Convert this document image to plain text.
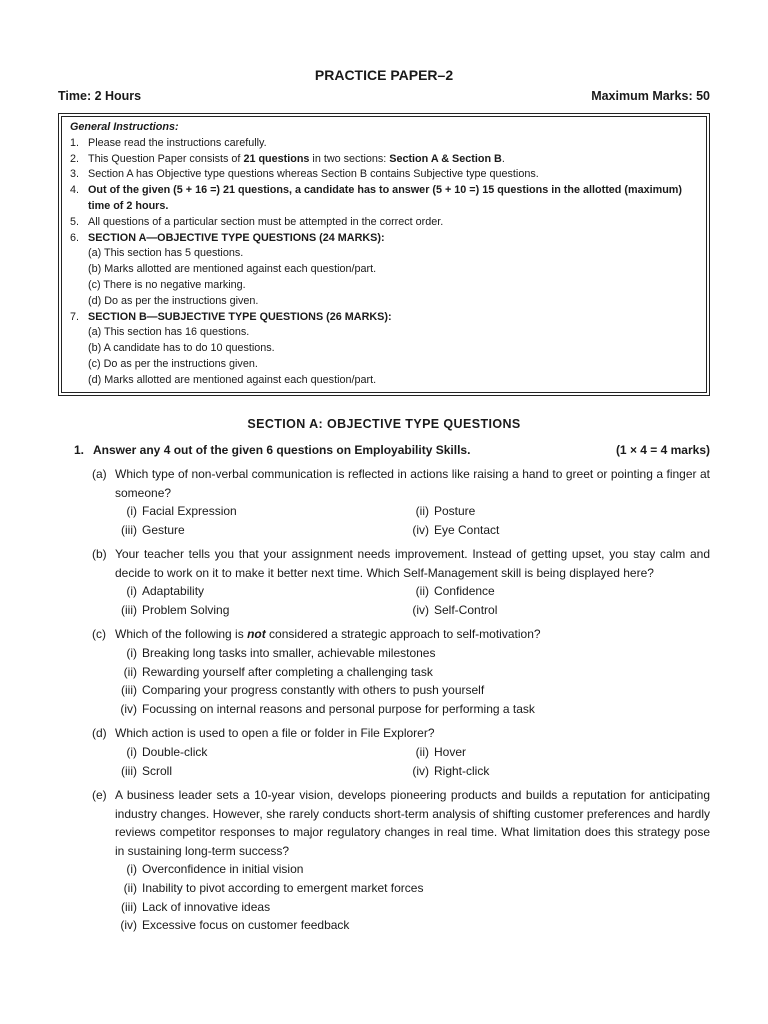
PRACTICE PAPER–2
Time: 2 Hours	Maximum Marks: 50
General Instructions:
1. Please read the instructions carefully.
2. This Question Paper consists of 21 questions in two sections: Section A & Section B.
3. Section A has Objective type questions whereas Section B contains Subjective type questions.
4. Out of the given (5 + 16 =) 21 questions, a candidate has to answer (5 + 10 =) 15 questions in the allotted (maximum) time of 2 hours.
5. All questions of a particular section must be attempted in the correct order.
6. SECTION A—OBJECTIVE TYPE QUESTIONS (24 MARKS):
(a) This section has 5 questions.
(b) Marks allotted are mentioned against each question/part.
(c) There is no negative marking.
(d) Do as per the instructions given.
7. SECTION B—SUBJECTIVE TYPE QUESTIONS (26 MARKS):
(a) This section has 16 questions.
(b) A candidate has to do 10 questions.
(c) Do as per the instructions given.
(d) Marks allotted are mentioned against each question/part.
SECTION A: OBJECTIVE TYPE QUESTIONS
1. Answer any 4 out of the given 6 questions on Employability Skills.	(1 × 4 = 4 marks)
(a) Which type of non-verbal communication is reflected in actions like raising a hand to greet or pointing a finger at someone?
(i) Facial Expression	(ii) Posture
(iii) Gesture	(iv) Eye Contact
(b) Your teacher tells you that your assignment needs improvement. Instead of getting upset, you stay calm and decide to work on it to make it better next time. Which Self-Management skill is being displayed here?
(i) Adaptability	(ii) Confidence
(iii) Problem Solving	(iv) Self-Control
(c) Which of the following is not considered a strategic approach to self-motivation?
(i) Breaking long tasks into smaller, achievable milestones
(ii) Rewarding yourself after completing a challenging task
(iii) Comparing your progress constantly with others to push yourself
(iv) Focussing on internal reasons and personal purpose for performing a task
(d) Which action is used to open a file or folder in File Explorer?
(i) Double-click	(ii) Hover
(iii) Scroll	(iv) Right-click
(e) A business leader sets a 10-year vision, develops pioneering products and builds a reputation for anticipating industry changes. However, she rarely conducts short-term analysis of shifting customer preferences and hardly reviews competitor responses to major regulatory changes in real time. What limitation does this strategy pose in sustaining long-term success?
(i) Overconfidence in initial vision
(ii) Inability to pivot according to emergent market forces
(iii) Lack of innovative ideas
(iv) Excessive focus on customer feedback
